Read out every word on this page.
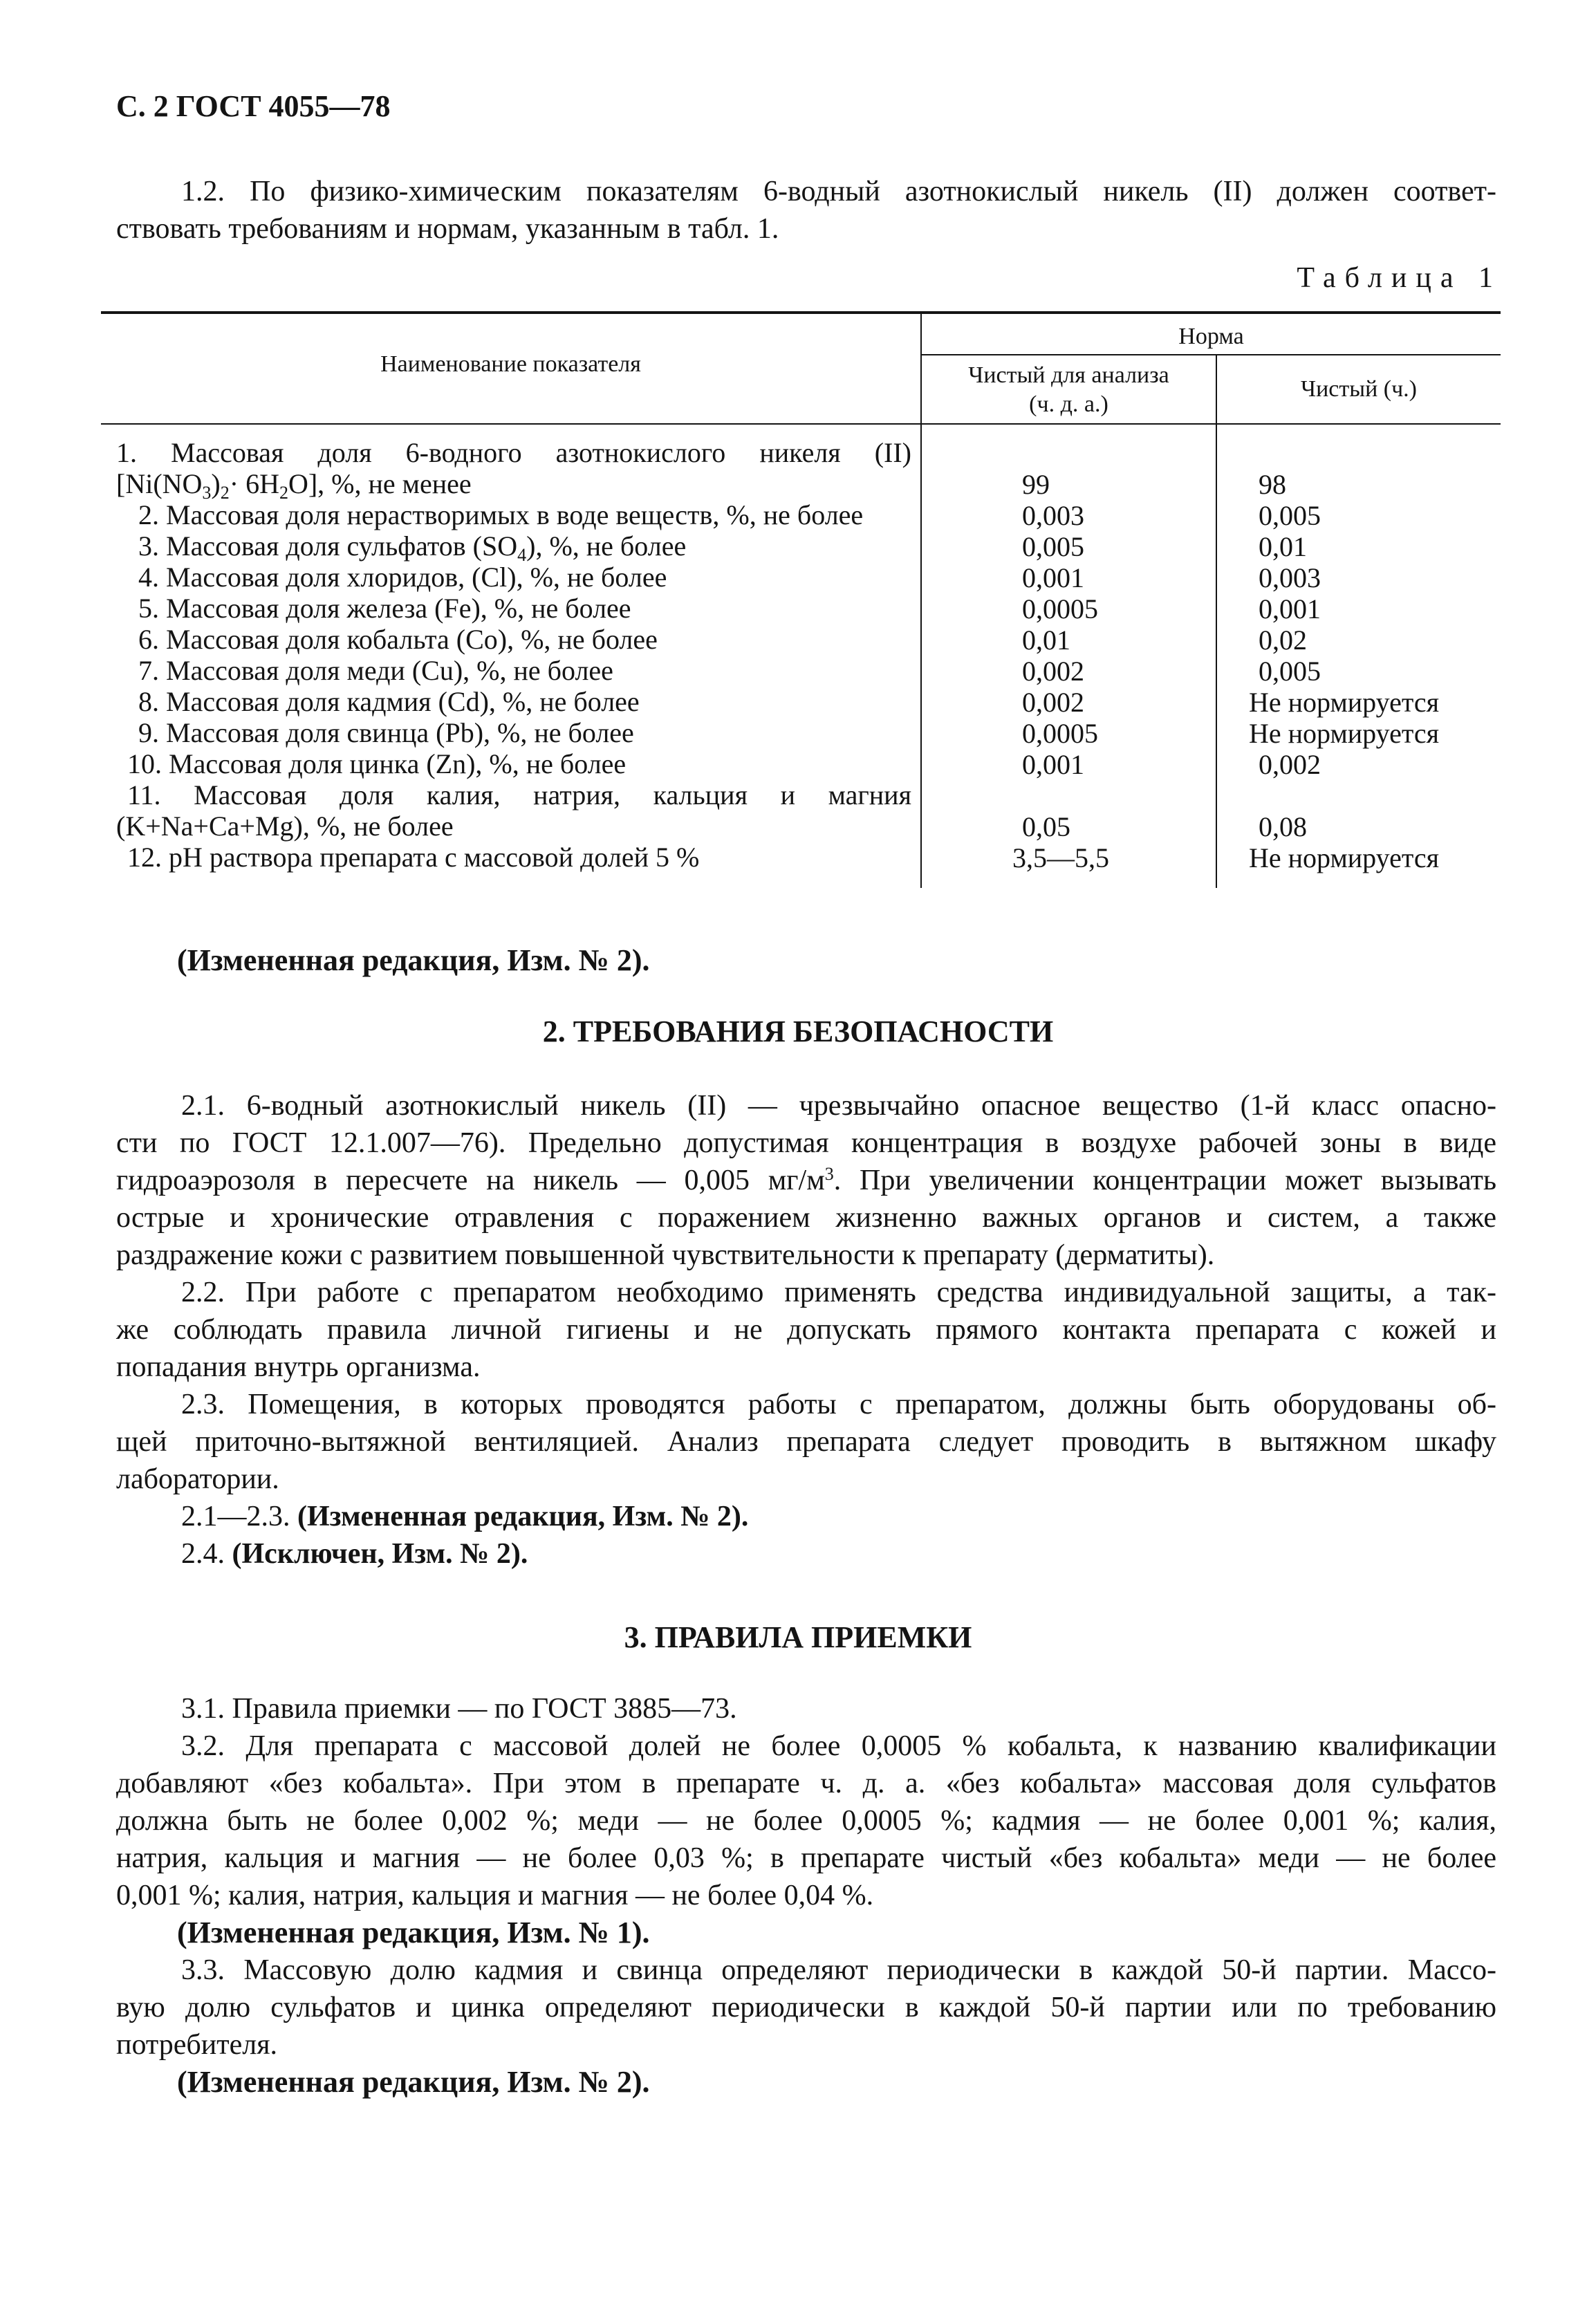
С. 2 ГОСТ 4055—78
1.2. По физико-химическим показателям 6-водный азотнокислый никель (II) должен соответ-
ствовать требованиям и нормам, указанным в табл. 1.
Таблица 1
Наименование показателя
Норма
Чистый для анализа
(ч. д. а.)
Чистый (ч.)
1. Массовая доля 6-водного азотнокислого никеля (II)
$[Ni(NO_3)_2\cdot 6H_2O]$, %, не менее	99	98
2. Массовая доля нерастворимых в воде веществ, %, не более	0,003	0,005
3. Массовая доля сульфатов $(SO_4)$, %, не более	0,005	0,01
4. Массовая доля хлоридов, (Cl), %, не более	0,001	0,003
5. Массовая доля железа (Fe), %, не более	0,0005	0,001
6. Массовая доля кобальта (Co), %, не более	0,01	0,02
7. Массовая доля меди (Cu), %, не более	0,002	0,005
8. Массовая доля кадмия (Cd), %, не более	0,002	Не нормируется
9. Массовая доля свинца (Pb), %, не более	0,0005	Не нормируется
10. Массовая доля цинка (Zn), %, не более	0,001	0,002
11. Массовая доля калия, натрия, кальция и магния
(K+Na+Ca+Mg), %, не более	0,05	0,08
12. pH раствора препарата с массовой долей 5 %	3,5—5,5	Не нормируется
(Измененная редакция, Изм. № 2).
2. ТРЕБОВАНИЯ БЕЗОПАСНОСТИ
2.1. 6-водный азотнокислый никель (II) — чрезвычайно опасное вещество (1-й класс опасно-
сти по ГОСТ 12.1.007—76). Предельно допустимая концентрация в воздухе рабочей зоны в виде
гидроаэрозоля в пересчете на никель — 0,005 $мг/м^3$. При увеличении концентрации может вызывать
острые и хронические отравления с поражением жизненно важных органов и систем, а также
раздражение кожи с развитием повышенной чувствительности к препарату (дерматиты).
2.2. При работе с препаратом необходимо применять средства индивидуальной защиты, а так-
же соблюдать правила личной гигиены и не допускать прямого контакта препарата с кожей и
попадания внутрь организма.
2.3. Помещения, в которых проводятся работы с препаратом, должны быть оборудованы об-
щей приточно-вытяжной вентиляцией. Анализ препарата следует проводить в вытяжном шкафу
лаборатории.
2.1—2.3. (Измененная редакция, Изм. № 2).
2.4. (Исключен, Изм. № 2).
3. ПРАВИЛА ПРИЕМКИ
3.1. Правила приемки — по ГОСТ 3885—73.
3.2. Для препарата с массовой долей не более 0,0005 % кобальта, к названию квалификации
добавляют «без кобальта». При этом в препарате ч. д. а. «без кобальта» массовая доля сульфатов
должна быть не более 0,002 %; меди — не более 0,0005 %; кадмия — не более 0,001 %; калия,
натрия, кальция и магния — не более 0,03 %; в препарате чистый «без кобальта» меди — не более
0,001 %; калия, натрия, кальция и магния — не более 0,04 %.
(Измененная редакция, Изм. № 1).
3.3. Массовую долю кадмия и свинца определяют периодически в каждой 50-й партии. Массо-
вую долю сульфатов и цинка определяют периодически в каждой 50-й партии или по требованию
потребителя.
(Измененная редакция, Изм. № 2).
